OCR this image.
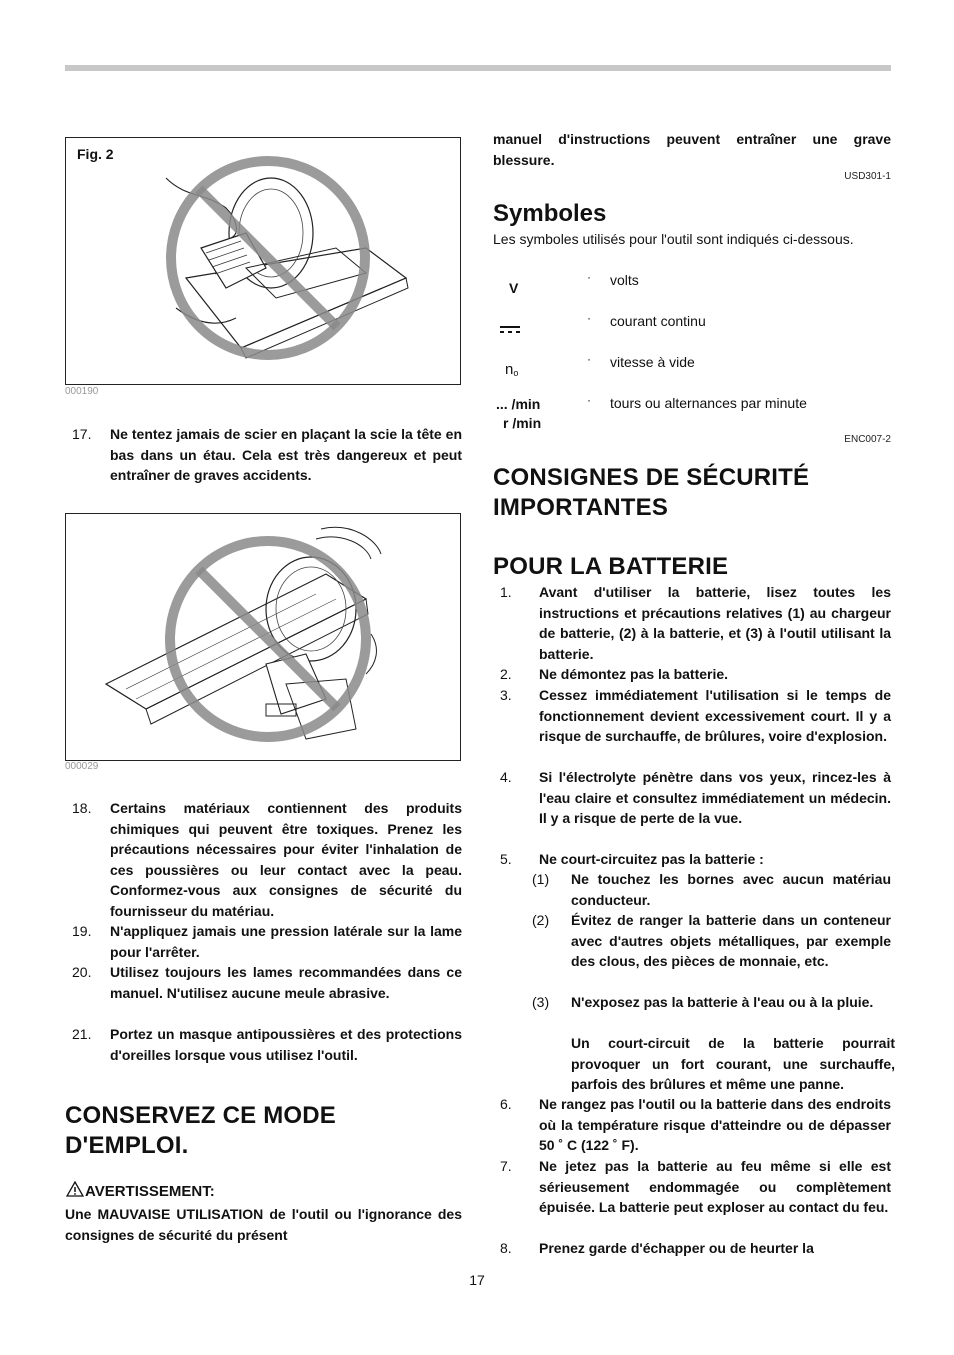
Fig. 2
000190
17. Ne tentez jamais de scier en plaçant la scie la tête en bas dans un étau. Cela est très dangereux et peut entraîner de graves accidents.
000029
18. Certains matériaux contiennent des produits chimiques qui peuvent être toxiques. Prenez les précautions nécessaires pour éviter l'inhalation de ces poussières ou leur contact avec la peau. Conformez-vous aux consignes de sécurité du fournisseur du matériau.
19. N'appliquez jamais une pression latérale sur la lame pour l'arrêter.
20. Utilisez toujours les lames recommandées dans ce manuel. N'utilisez aucune meule abrasive.
21. Portez un masque antipoussières et des protections d'oreilles lorsque vous utilisez l'outil.
CONSERVEZ CE MODE D'EMPLOI.
AVERTISSEMENT:
Une MAUVAISE UTILISATION de l'outil ou l'ignorance des consignes de sécurité du présent
manuel d'instructions peuvent entraîner une grave blessure.
USD301-1
Symboles
Les symboles utilisés pour l'outil sont indiqués ci-dessous.
V
· volts
· courant continu
no
· vitesse à vide
... /min
r /min
· tours ou alternances par minute
ENC007-2
CONSIGNES DE SÉCURITÉ IMPORTANTES
POUR LA BATTERIE
1. Avant d'utiliser la batterie, lisez toutes les instructions et précautions relatives (1) au chargeur de batterie, (2) à la batterie, et (3) à l'outil utilisant la batterie.
2. Ne démontez pas la batterie.
3. Cessez immédiatement l'utilisation si le temps de fonctionnement devient excessivement court. Il y a risque de surchauffe, de brûlures, voire d'explosion.
4. Si l'électrolyte pénètre dans vos yeux, rincez-les à l'eau claire et consultez immédiatement un médecin. Il y a risque de perte de la vue.
5. Ne court-circuitez pas la batterie :
(1) Ne touchez les bornes avec aucun matériau conducteur.
(2) Évitez de ranger la batterie dans un conteneur avec d'autres objets métalliques, par exemple des clous, des pièces de monnaie, etc.
(3) N'exposez pas la batterie à l'eau ou à la pluie.
Un court-circuit de la batterie pourrait provoquer un fort courant, une surchauffe, parfois des brûlures et même une panne.
6. Ne rangez pas l'outil ou la batterie dans des endroits où la température risque d'atteindre ou de dépasser 50 ˚ C (122 ˚ F).
7. Ne jetez pas la batterie au feu même si elle est sérieusement endommagée ou complètement épuisée. La batterie peut exploser au contact du feu.
8. Prenez garde d'échapper ou de heurter la
17
